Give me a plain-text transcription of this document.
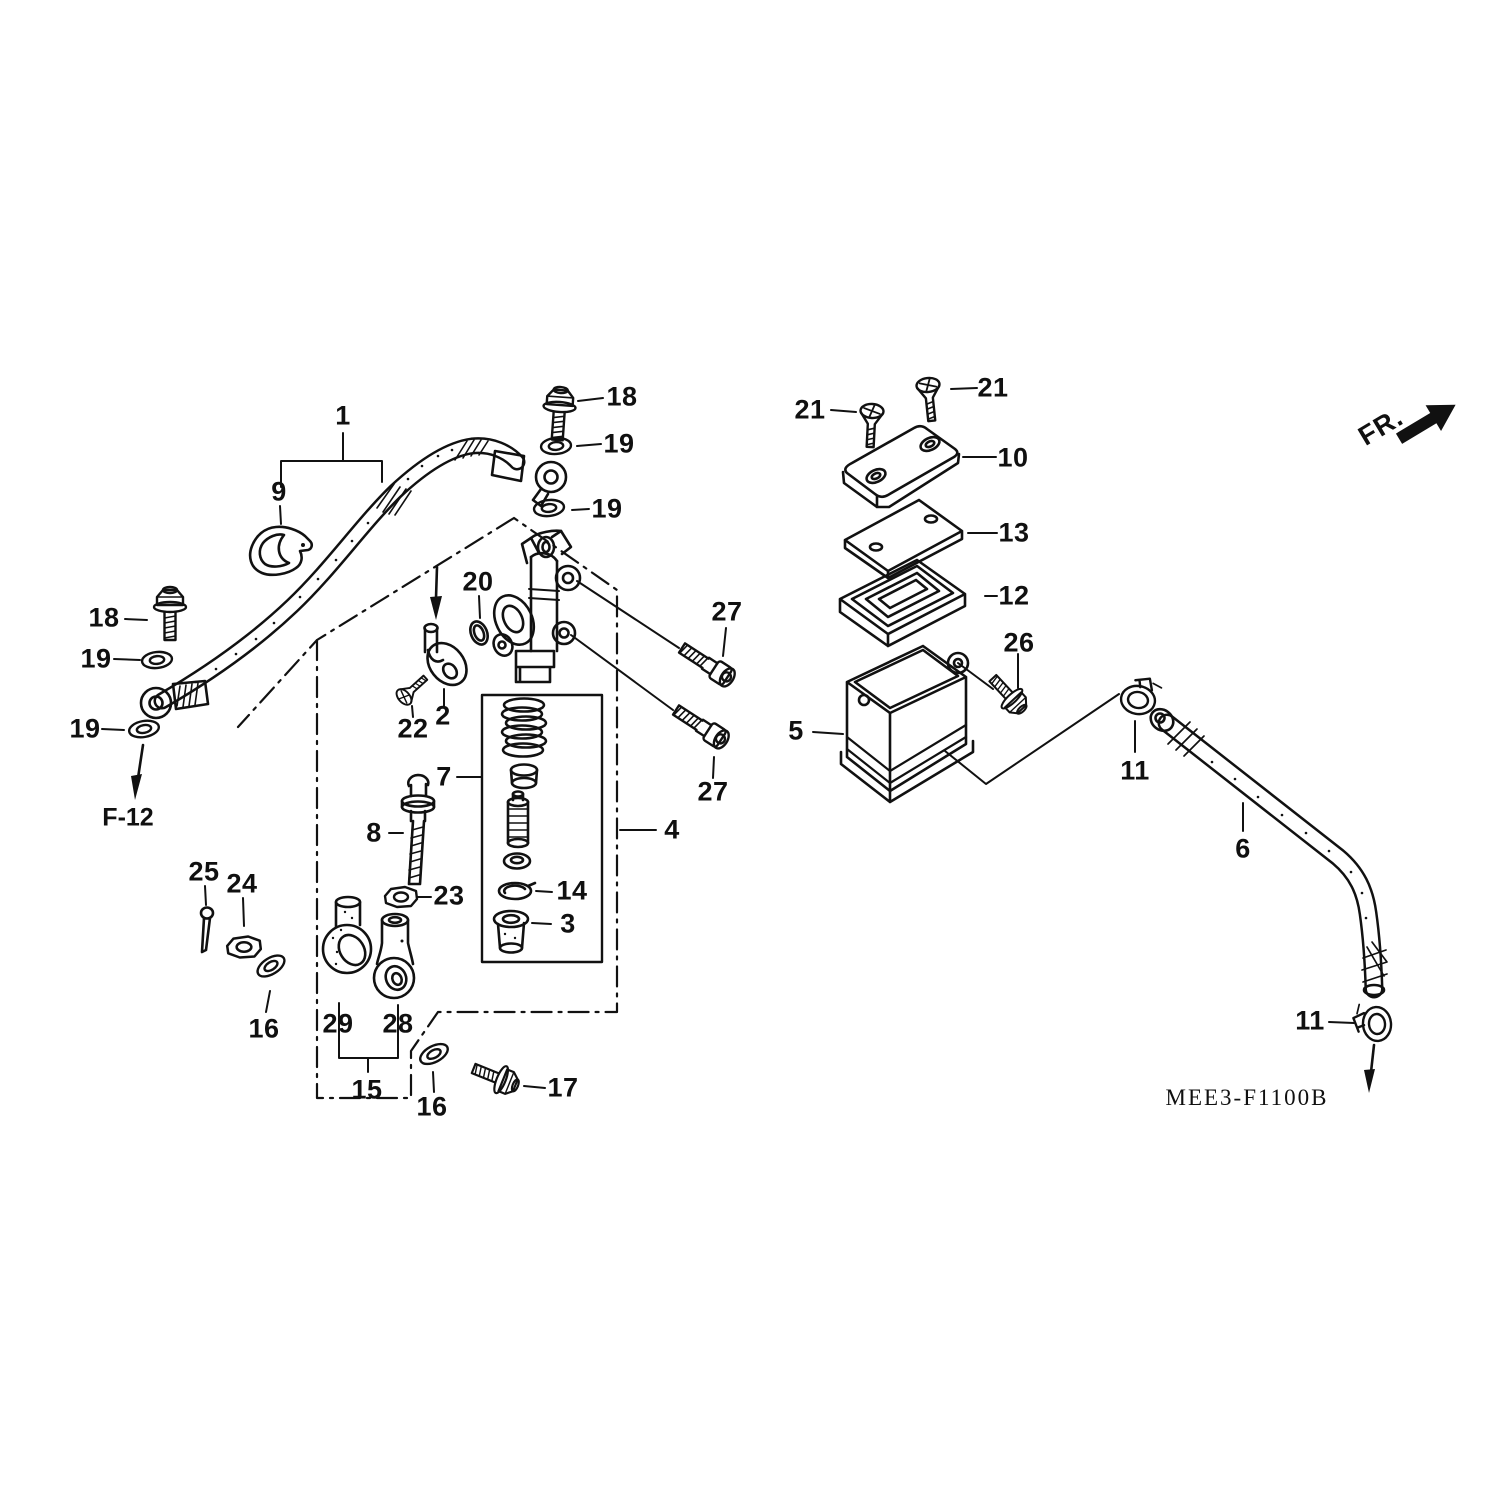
1
2
3
4
5
6
7
8
9
10
11
11
12
13
14
15
16
16
17
18
18
19
19
19
19
20
21
21
22
23
24
25
26
27
27
28
29
F-12
FR.
MEE3-F1100B
